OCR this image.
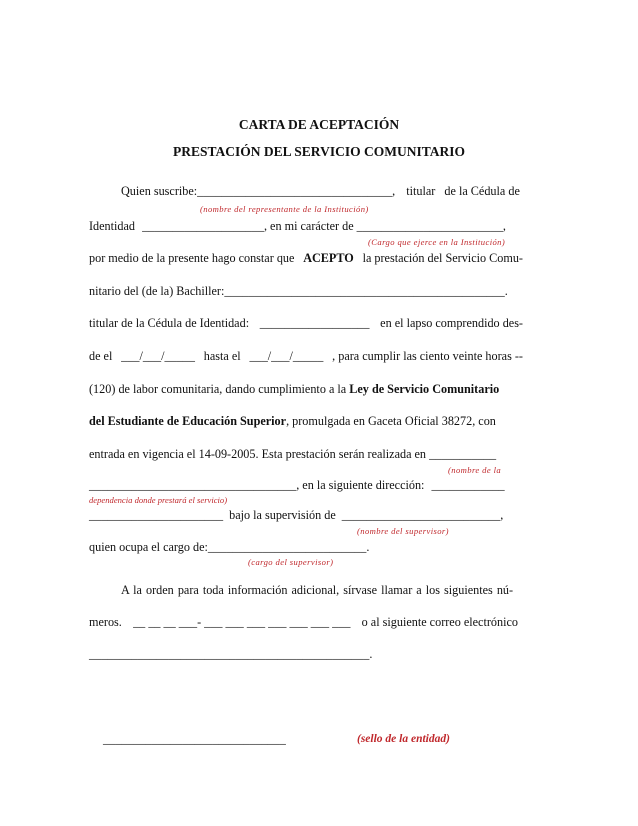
CARTA DE ACEPTACIÓN
PRESTACIÓN DEL SERVICIO COMUNITARIO
Quien suscribe:________________________________, titular de la Cédula de
(nombre del representante de la Institución)
Identidad ____________________, en mi carácter de ________________________,
(Cargo que ejerce en la Institución)
por medio de la presente hago constar que ACEPTO la prestación del Servicio Comu-
nitario del (de la) Bachiller:______________________________________________.
titular de la Cédula de Identidad: __________________ en el lapso comprendido des-
de el ___/___/_____ hasta el ___/___/_____ , para cumplir las ciento veinte horas --
(120) de labor comunitaria, dando cumplimiento a la Ley de Servicio Comunitario
del Estudiante de Educación Superior, promulgada en Gaceta Oficial 38272, con
entrada en vigencia el 14-09-2005. Esta prestación serán realizada en ___________
(nombre de la
__________________________________, en la siguiente dirección: ____________
dependencia donde prestará el servicio)
______________________ bajo la supervisión de __________________________,
(nombre del supervisor)
quien ocupa el cargo de:__________________________.
(cargo del supervisor)
A la orden para toda información adicional, sírvase llamar a los siguientes nú-
meros. __ __ __ ___- ___ ___ ___ ___ ___ ___ ___ o al siguiente correo electrónico
______________________________________________.
______________________________	(sello de la entidad)
